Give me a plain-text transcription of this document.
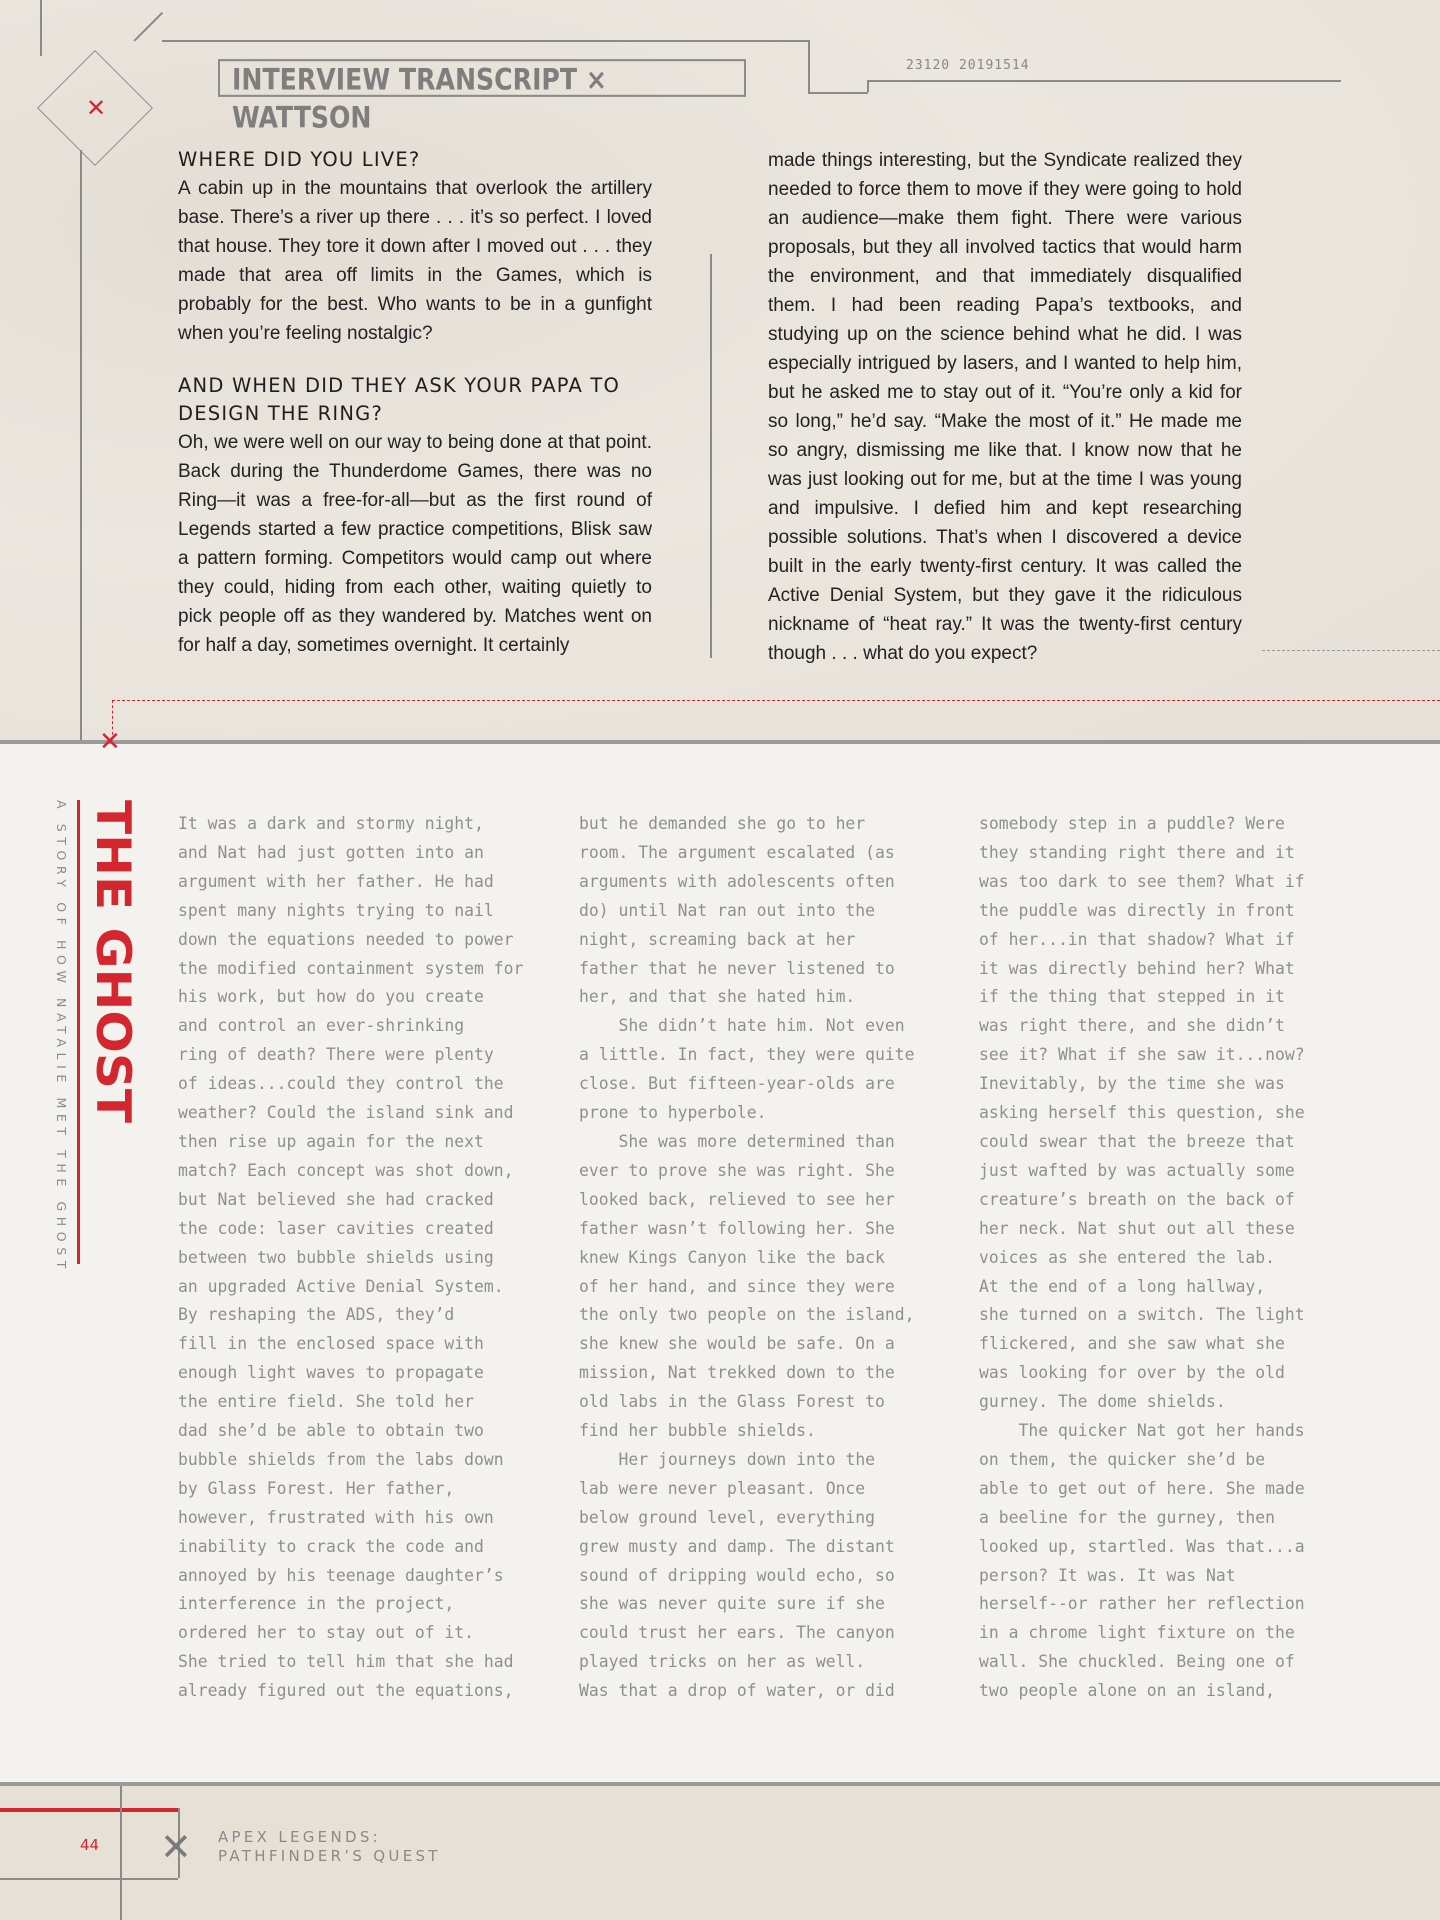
✕
INTERVIEW TRANSCRIPT × WATTSON
23120 20191514
WHERE DID YOU LIVE?

A cabin up in the mountains that overlook the artillery base. There’s a river up there . . . it’s so perfect. I loved that house. They tore it down after I moved out . . . they made that area off limits in the Games, which is probably for the best. Who wants to be in a gunfight when you’re feeling nostalgic?

AND WHEN DID THEY ASK YOUR PAPA TO DESIGN THE RING?

Oh, we were well on our way to being done at that point. Back during the Thunderdome Games, there was no Ring—it was a free-for-all—but as the first round of Legends started a few practice competitions, Blisk saw a pattern forming. Competitors would camp out where they could, hiding from each other, waiting quietly to pick people off as they wandered by. Matches went on for half a day, sometimes overnight. It certainly

made things interesting, but the Syndicate realized they needed to force them to move if they were going to hold an audience—make them fight. There were various proposals, but they all involved tactics that would harm the environment, and that immediately disqualified them. I had been reading Papa’s textbooks, and studying up on the science behind what he did. I was especially intrigued by lasers, and I wanted to help him, but he asked me to stay out of it. “You’re only a kid for so long,” he’d say. “Make the most of it.” He made me so angry, dismissing me like that. I know now that he was just looking out for me, but at the time I was young and impulsive. I defied him and kept researching possible solutions. That’s when I discovered a device built in the early twenty-first century. It was called the Active Denial System, but they gave it the ridiculous nickname of “heat ray.” It was the twenty-first century though . . . what do you expect?

✕
THE GHOST
A STORY OF HOW NATALIE MET THE GHOST	It was a dark and stormy night,
and Nat had just gotten into an
argument with her father. He had
spent many nights trying to nail
down the equations needed to power
the modified containment system for
his work, but how do you create
and control an ever-shrinking
ring of death? There were plenty
of ideas...could they control the
weather? Could the island sink and
then rise up again for the next
match? Each concept was shot down,
but Nat believed she had cracked
the code: laser cavities created
between two bubble shields using
an upgraded Active Denial System.
By reshaping the ADS, they’d
fill in the enclosed space with
enough light waves to propagate
the entire field. She told her
dad she’d be able to obtain two
bubble shields from the labs down
by Glass Forest. Her father,
however, frustrated with his own
inability to crack the code and
annoyed by his teenage daughter’s
interference in the project,
ordered her to stay out of it.
She tried to tell him that she had
already figured out the equations,
but he demanded she go to her
room. The argument escalated (as
arguments with adolescents often
do) until Nat ran out into the
night, screaming back at her
father that he never listened to
her, and that she hated him.
She didn’t hate him. Not even
a little. In fact, they were quite
close. But fifteen-year-olds are
prone to hyperbole.
She was more determined than
ever to prove she was right. She
looked back, relieved to see her
father wasn’t following her. She
knew Kings Canyon like the back
of her hand, and since they were
the only two people on the island,
she knew she would be safe. On a
mission, Nat trekked down to the
old labs in the Glass Forest to
find her bubble shields.
Her journeys down into the
lab were never pleasant. Once
below ground level, everything
grew musty and damp. The distant
sound of dripping would echo, so
she was never quite sure if she
could trust her ears. The canyon
played tricks on her as well.
Was that a drop of water, or did
somebody step in a puddle? Were
they standing right there and it
was too dark to see them? What if
the puddle was directly in front
of her...in that shadow? What if
it was directly behind her? What
if the thing that stepped in it
was right there, and she didn’t
see it? What if she saw it...now?
Inevitably, by the time she was
asking herself this question, she
could swear that the breeze that
just wafted by was actually some
creature’s breath on the back of
her neck. Nat shut out all these
voices as she entered the lab.
At the end of a long hallway,
she turned on a switch. The light
flickered, and she saw what she
was looking for over by the old
gurney. The dome shields.
The quicker Nat got her hands
on them, the quicker she’d be
able to get out of here. She made
a beeline for the gurney, then
looked up, startled. Was that...a
person? It was. It was Nat
herself--or rather her reflection
in a chrome light fixture on the
wall. She chuckled. Being one of
two people alone on an island,
44 ✕ APEX LEGENDS:
PATHFINDER’S QUEST
